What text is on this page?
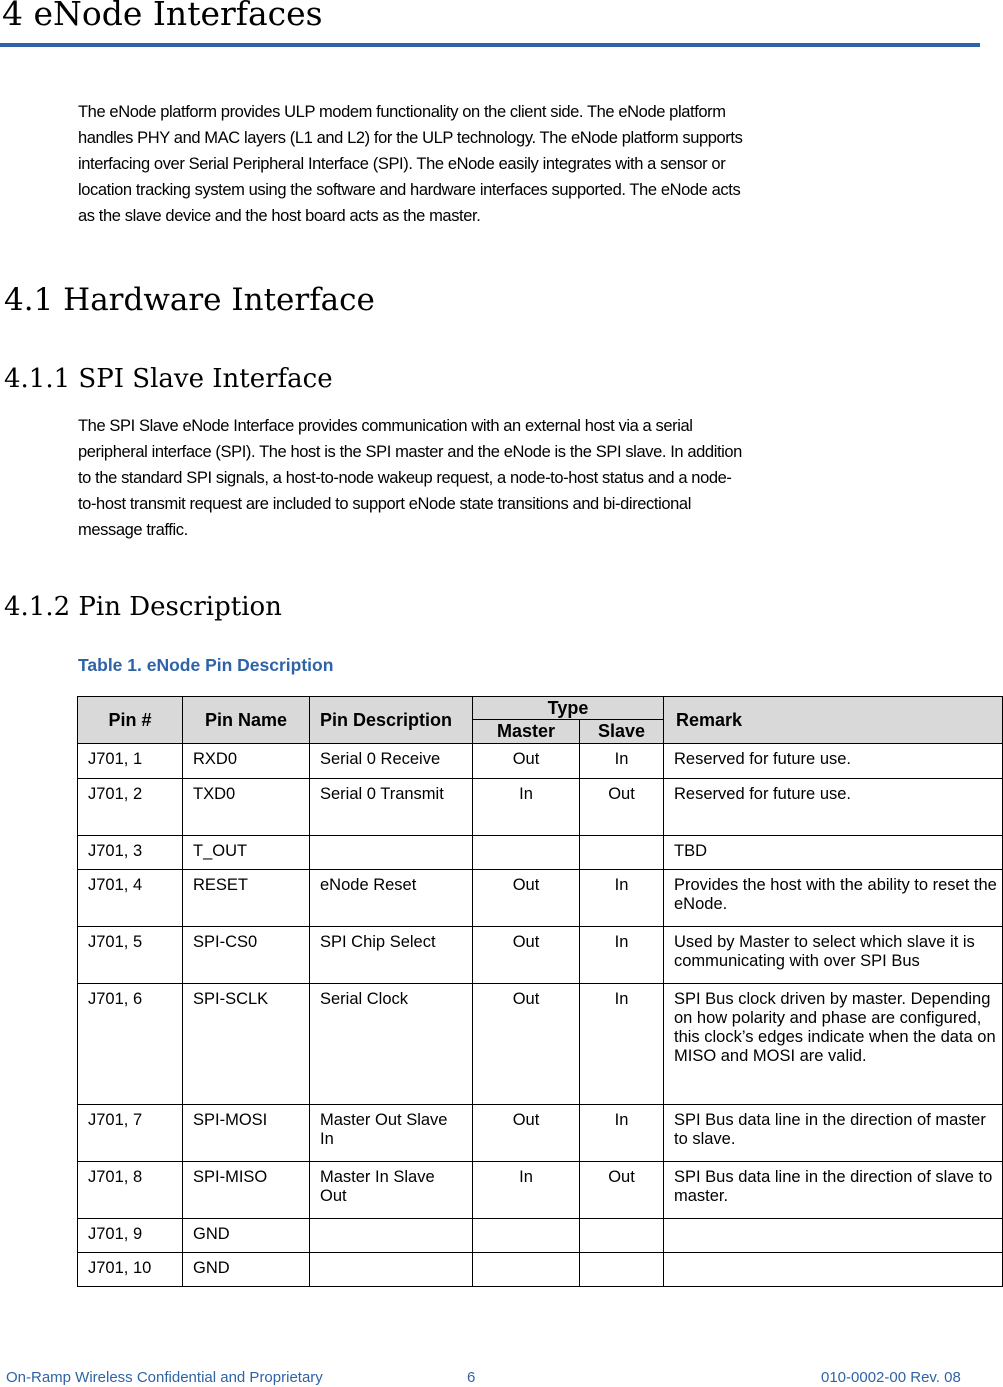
4 eNode Interfaces
The eNode platform provides ULP modem functionality on the client side. The eNode platform
handles PHY and MAC layers (L1 and L2) for the ULP technology. The eNode platform supports
interfacing over Serial Peripheral Interface (SPI). The eNode easily integrates with a sensor or
location tracking system using the software and hardware interfaces supported. The eNode acts
as the slave device and the host board acts as the master.
4.1 Hardware Interface
4.1.1 SPI Slave Interface
The SPI Slave eNode Interface provides communication with an external host via a serial
peripheral interface (SPI). The host is the SPI master and the eNode is the SPI slave. In addition
to the standard SPI signals, a host-to-node wakeup request, a node-to-host status and a node-
to-host transmit request are included to support eNode state transitions and bi-directional
message traffic.
4.1.2 Pin Description
Table 1. eNode Pin Description
Pin #	Pin Name	Pin Description	Type		Remark
			Master	Slave	
J701, 1	RXD0	Serial 0 Receive	Out	In	Reserved for future use.
J701, 2	TXD0	Serial 0 Transmit	In	Out	Reserved for future use.
J701, 3	T_OUT				TBD
J701, 4	RESET	eNode Reset	Out	In	Provides the host with the ability to reset the eNode.
J701, 5	SPI-CS0	SPI Chip Select	Out	In	Used by Master to select which slave it is communicating with over SPI Bus
J701, 6	SPI-SCLK	Serial Clock	Out	In	SPI Bus clock driven by master. Depending on how polarity and phase are configured, this clock’s edges indicate when the data on MISO and MOSI are valid.
J701, 7	SPI-MOSI	Master Out Slave In	Out	In	SPI Bus data line in the direction of master to slave.
J701, 8	SPI-MISO	Master In Slave Out	In	Out	SPI Bus data line in the direction of slave to master.
J701, 9	GND				
J701, 10	GND				
On-Ramp Wireless Confidential and Proprietary	6	010-0002-00 Rev. 08
